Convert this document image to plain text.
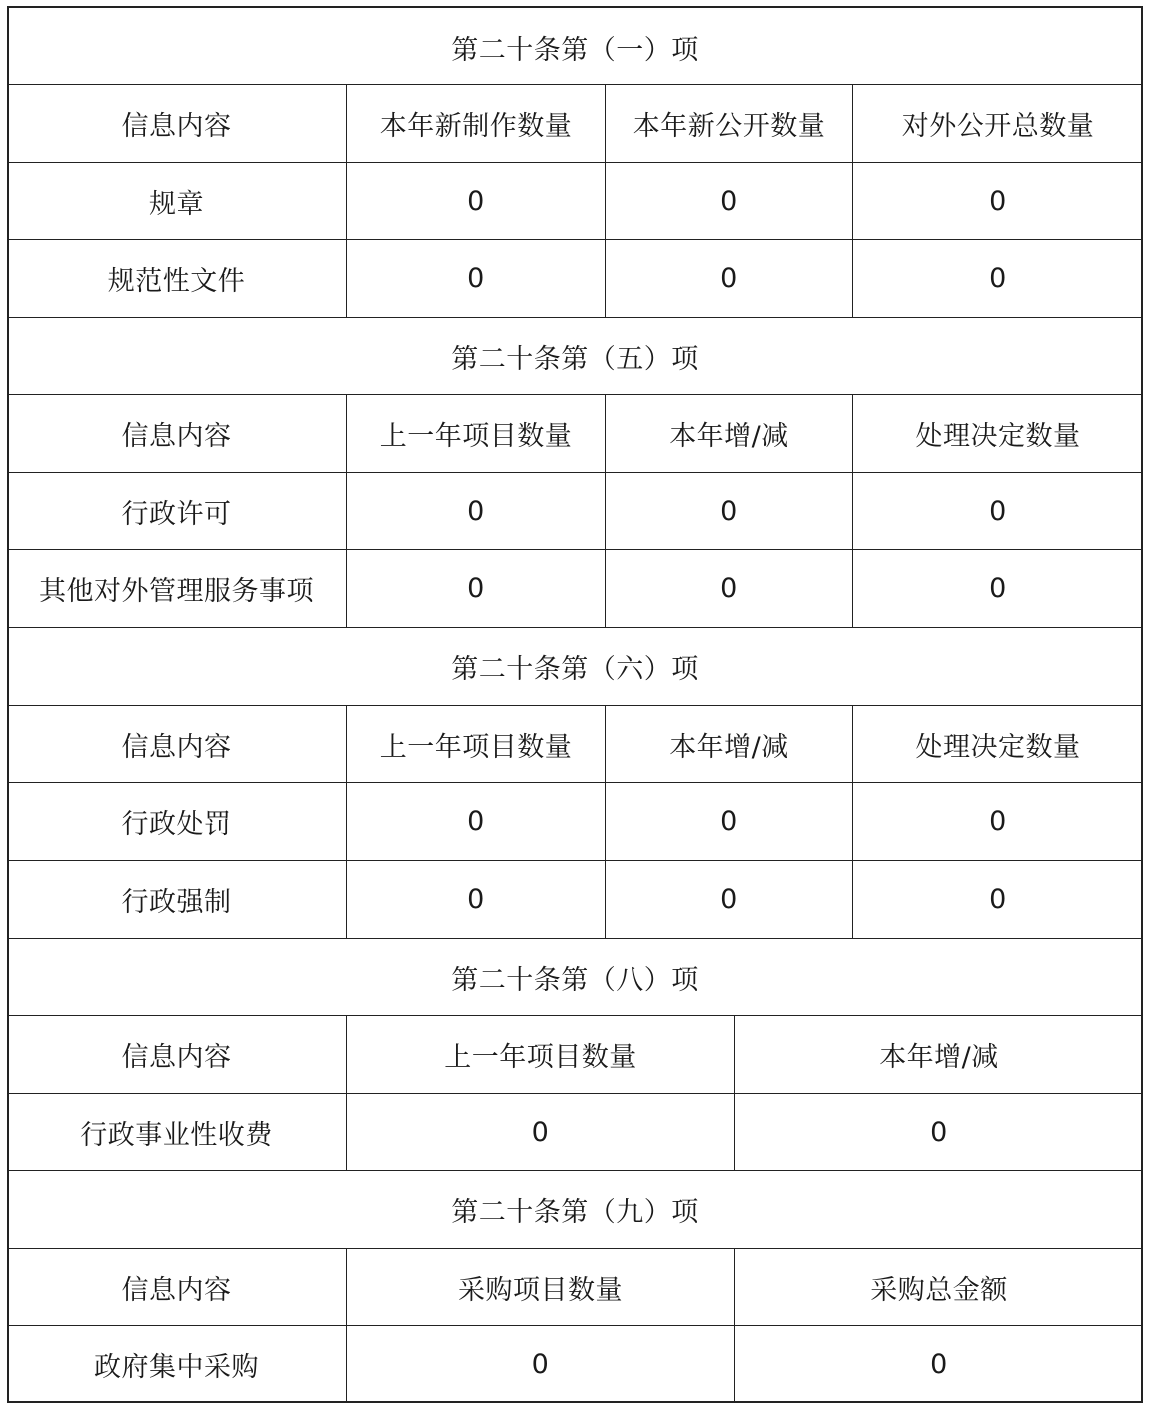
第二十条第（一）项
信息内容	本年新制作数量	本年新公开数量	对外公开总数量
规章	0	0	0
规范性文件	0	0	0
第二十条第（五）项
信息内容	上一年项目数量	本年增/减	处理决定数量
行政许可	0	0	0
其他对外管理服务事项	0	0	0
第二十条第（六）项
信息内容	上一年项目数量	本年增/减	处理决定数量
行政处罚	0	0	0
行政强制	0	0	0
第二十条第（八）项
信息内容	上一年项目数量	本年增/减
行政事业性收费	0	0
第二十条第（九）项
信息内容	采购项目数量	采购总金额
政府集中采购	0	0
